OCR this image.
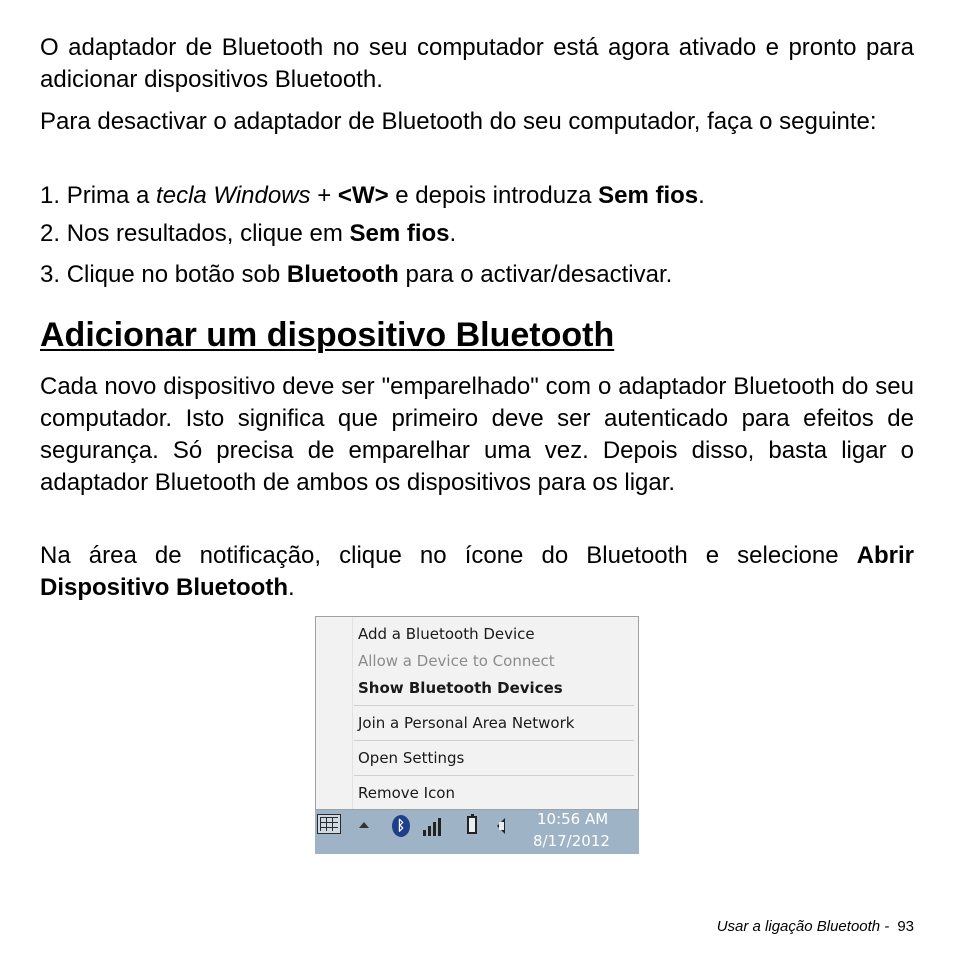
O adaptador de Bluetooth no seu computador está agora ativado e pronto para adicionar dispositivos Bluetooth.

Para desactivar o adaptador de Bluetooth do seu computador, faça o seguinte:

1. Prima a tecla Windows + <W> e depois introduza Sem fios.
2. Nos resultados, clique em Sem fios.
3. Clique no botão sob Bluetooth para o activar/desactivar.
Adicionar um dispositivo Bluetooth

Cada novo dispositivo deve ser "emparelhado" com o adaptador Bluetooth do seu computador. Isto significa que primeiro deve ser autenticado para efeitos de segurança. Só precisa de emparelhar uma vez. Depois disso, basta ligar o adaptador Bluetooth de ambos os dispositivos para os ligar.

Na área de notificação, clique no ícone do Bluetooth e selecione Abrir Dispositivo Bluetooth.

Add a Bluetooth Device
Allow a Device to Connect
Show Bluetooth Devices
Join a Personal Area Network
Open Settings
Remove Icon
ᛒ	10:56 AM
8/17/2012
Usar a ligação Bluetooth - 93
